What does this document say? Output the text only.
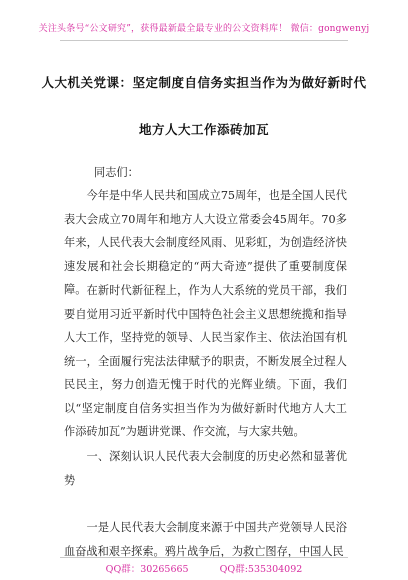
关注头条号“公文研究”，获得最新最全最专业的公文资料库！ 微信：gongwenyj
人大机关党课：坚定制度自信务实担当作为为做好新时代
地方人大工作添砖加瓦
同志们：
今年是中华人民共和国成立75周年，也是全国人民代表大会成立70周年和地方人大设立常委会45周年。70多年来，人民代表大会制度经风雨、见彩虹，为创造经济快速发展和社会长期稳定的“两大奇迹”提供了重要制度保障。 在新时代新征程上，作为人大系统的党员干部，我们要自觉用习近平新时代中国特色社会主义思想统揽和指导人大工作，坚持党的领导、人民当家作主、依法治国有机统一，全面履行宪法法律赋予的职责，不断发展全过程人民民主，努力创造无愧于时代的光辉业绩。下面，我们以“坚定制度自信务实担当作为为做好新时代地方人大工作添砖加瓦”为题讲党课、作交流，与大家共勉。
一、深刻认识人民代表大会制度的历史必然和显著优势
一是人民代表大会制度来源于中国共产党领导人民浴血奋战和艰辛探索。鸦片战争后，为救亡图存，中国人民
QQ群：30265665	QQ群:535304092
